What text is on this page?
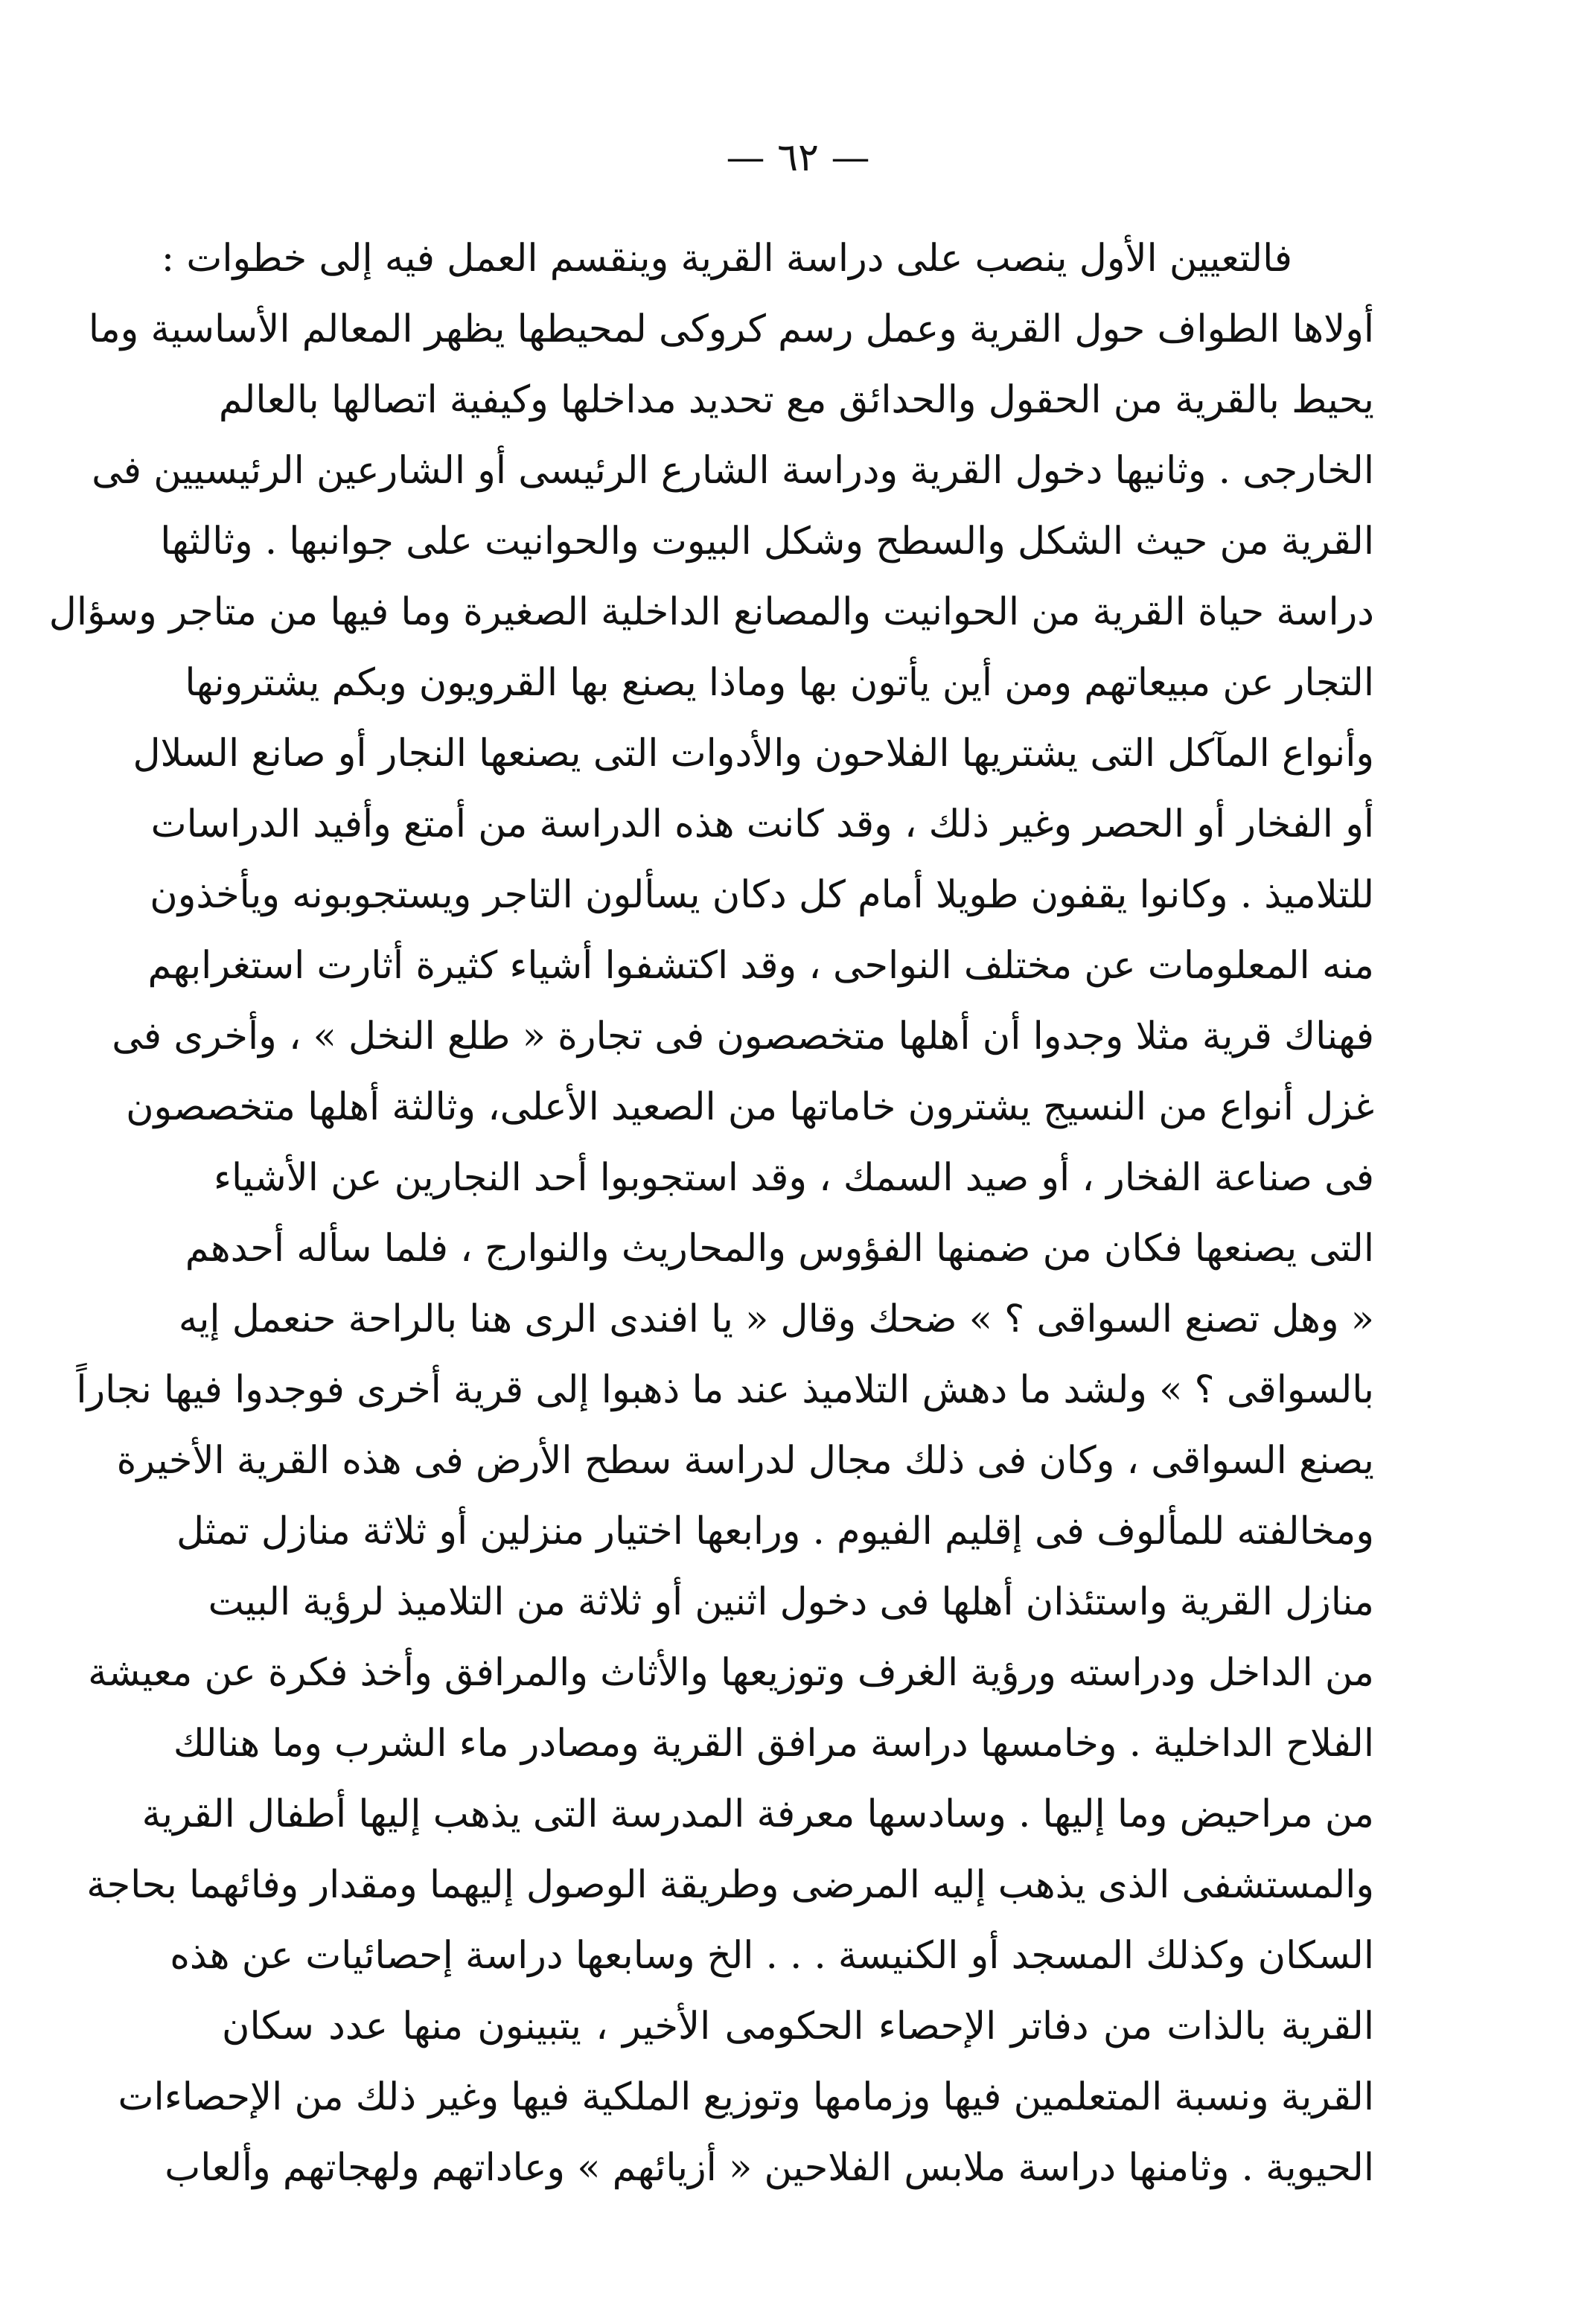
— ٦٢ —
فالتعيين الأول ينصب على دراسة القرية وينقسم العمل فيه إلى خطوات :
أولاها الطواف حول القرية وعمل رسم كروكى لمحيطها يظهر المعالم الأساسية وما
يحيط بالقرية من الحقول والحدائق مع تحديد مداخلها وكيفية اتصالها بالعالم
الخارجى . وثانيها دخول القرية ودراسة الشارع الرئيسى أو الشارعين الرئيسيين فى
القرية من حيث الشكل والسطح وشكل البيوت والحوانيت على جوانبها . وثالثها
دراسة حياة القرية من الحوانيت والمصانع الداخلية الصغيرة وما فيها من متاجر وسؤال
التجار عن مبيعاتهم ومن أين يأتون بها وماذا يصنع بها القرويون وبكم يشترونها
وأنواع المآكل التى يشتريها الفلاحون والأدوات التى يصنعها النجار أو صانع السلال
أو الفخار أو الحصر وغير ذلك ، وقد كانت هذه الدراسة من أمتع وأفيد الدراسات
للتلاميذ . وكانوا يقفون طويلا أمام كل دكان يسألون التاجر ويستجوبونه ويأخذون
منه المعلومات عن مختلف النواحى ، وقد اكتشفوا أشياء كثيرة أثارت استغرابهم
فهناك قرية مثلا وجدوا أن أهلها متخصصون فى تجارة « طلع النخل » ، وأخرى فى
غزل أنواع من النسيج يشترون خاماتها من الصعيد الأعلى، وثالثة أهلها متخصصون
فى صناعة الفخار ، أو صيد السمك ، وقد استجوبوا أحد النجارين عن الأشياء
التى يصنعها فكان من ضمنها الفؤوس والمحاريث والنوارج ، فلما سأله أحدهم
« وهل تصنع السواقى ؟ » ضحك وقال « يا افندى الرى هنا بالراحة حنعمل إيه
بالسواقى ؟ » ولشد ما دهش التلاميذ عند ما ذهبوا إلى قرية أخرى فوجدوا فيها نجاراً
يصنع السواقى ، وكان فى ذلك مجال لدراسة سطح الأرض فى هذه القرية الأخيرة
ومخالفته للمألوف فى إقليم الفيوم . ورابعها اختيار منزلين أو ثلاثة منازل تمثل
منازل القرية واستئذان أهلها فى دخول اثنين أو ثلاثة من التلاميذ لرؤية البيت
من الداخل ودراسته ورؤية الغرف وتوزيعها والأثاث والمرافق وأخذ فكرة عن معيشة
الفلاح الداخلية . وخامسها دراسة مرافق القرية ومصادر ماء الشرب وما هنالك
من مراحيض وما إليها . وسادسها معرفة المدرسة التى يذهب إليها أطفال القرية
والمستشفى الذى يذهب إليه المرضى وطريقة الوصول إليهما ومقدار وفائهما بحاجة
السكان وكذلك المسجد أو الكنيسة . . . الخ وسابعها دراسة إحصائيات عن هذه
القرية بالذات من دفاتر الإحصاء الحكومى الأخير ، يتبينون منها عدد سكان
القرية ونسبة المتعلمين فيها وزمامها وتوزيع الملكية فيها وغير ذلك من الإحصاءات
الحيوية . وثامنها دراسة ملابس الفلاحين « أزيائهم » وعاداتهم ولهجاتهم وألعاب
